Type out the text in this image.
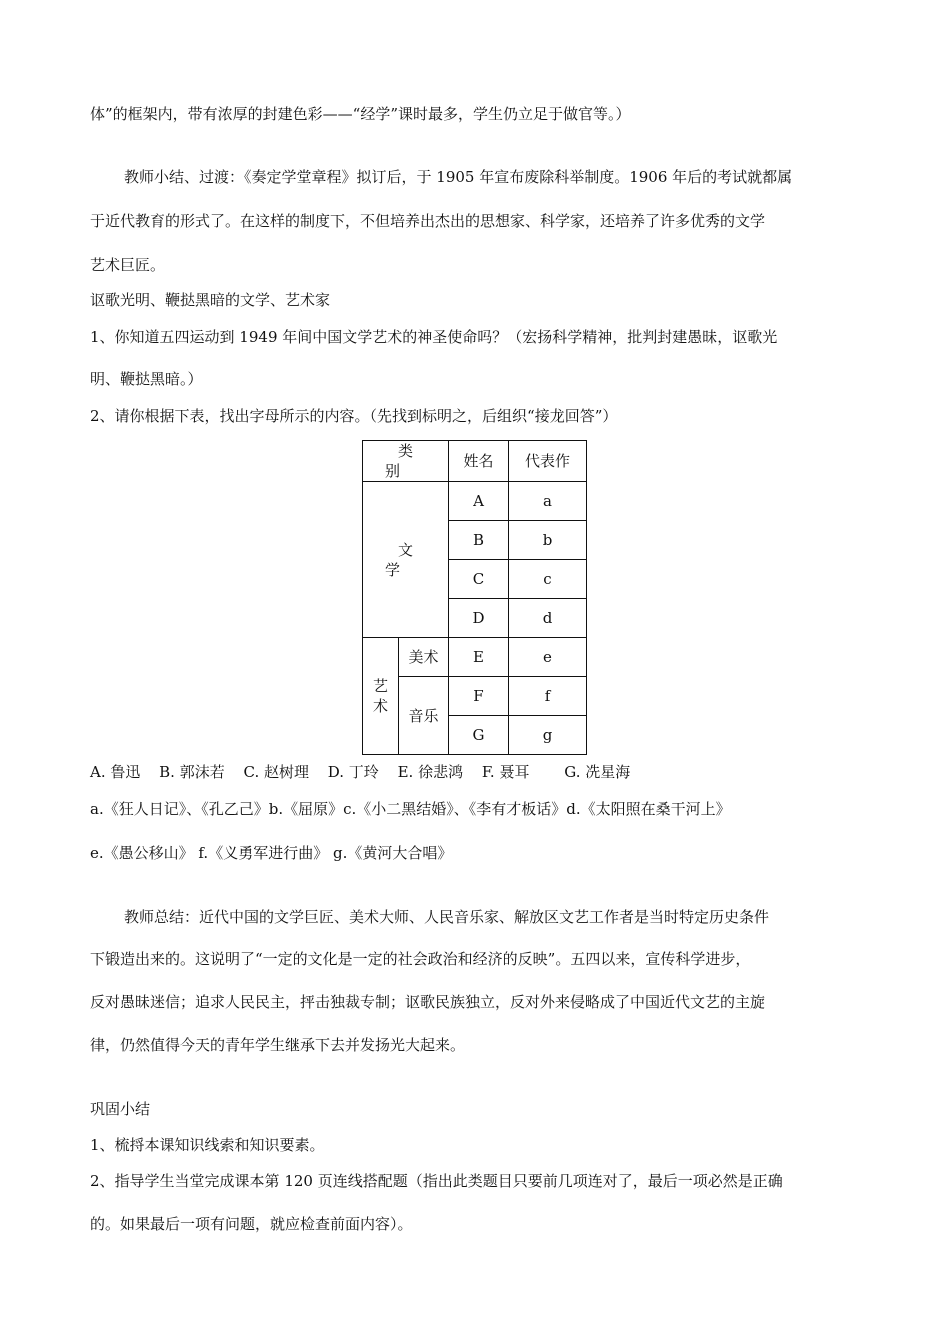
体”的框架内，带有浓厚的封建色彩——“经学”课时最多，学生仍立足于做官等。）
教师小结、过渡：《奏定学堂章程》拟订后，于 1905 年宣布废除科举制度。1906 年后的考试就都属
于近代教育的形式了。在这样的制度下，不但培养出杰出的思想家、科学家，还培养了许多优秀的文学
艺术巨匠。
讴歌光明、鞭挞黑暗的文学、艺术家
1、你知道五四运动到 1949 年间中国文学艺术的神圣使命吗？（宏扬科学精神，批判封建愚昧，讴歌光
明、鞭挞黑暗。）
2、请你根据下表，找出字母所示的内容。（先找到标明之，后组织“接龙回答”）
类别		姓名	代表作
文学		A	a
		B	b
		C	c
		D	d

艺
术	美术	E	e
	音乐	F	f
		G	g
A. 鲁迅 B. 郭沫若 C. 赵树理 D. 丁玲 E. 徐悲鸿 F. 聂耳 G. 冼星海
a.《狂人日记》、《孔乙己》b.《屈原》c.《小二黑结婚》、《李有才板话》d.《太阳照在桑干河上》
e.《愚公移山》 f.《义勇军进行曲》 g.《黄河大合唱》
教师总结：近代中国的文学巨匠、美术大师、人民音乐家、解放区文艺工作者是当时特定历史条件
下锻造出来的。这说明了“一定的文化是一定的社会政治和经济的反映”。五四以来，宣传科学进步，
反对愚昧迷信；追求人民民主，抨击独裁专制；讴歌民族独立，反对外来侵略成了中国近代文艺的主旋
律，仍然值得今天的青年学生继承下去并发扬光大起来。
巩固小结
1、梳捋本课知识线索和知识要素。
2、指导学生当堂完成课本第 120 页连线搭配题（指出此类题目只要前几项连对了，最后一项必然是正确
的。如果最后一项有问题，就应检查前面内容）。
